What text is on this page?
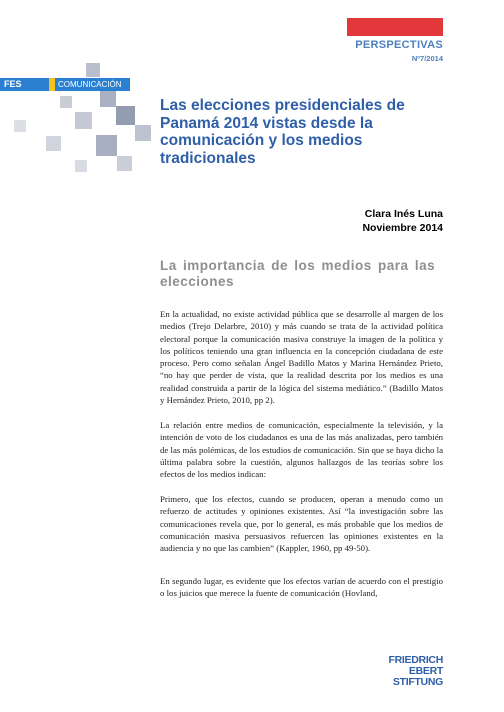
PERSPECTIVAS
Nº7/2014
FES	COMUNICACIÓN
Las elecciones presidenciales de Panamá 2014 vistas desde la comunicación y los medios tradicionales
Clara Inés Luna
Noviembre 2014
La importancia de los medios para las elecciones

En la actualidad, no existe actividad pública que se desarrolle al margen de los medios (Trejo Delarbre, 2010) y más cuando se trata de la actividad política electoral porque la comunicación masiva construye la imagen de la política y los políticos teniendo una gran influencia en la concepción ciudadana de este proceso. Pero como señalan Ángel Badillo Matos y Marina Hernández Prieto, “no hay que perder de vista, que la realidad descrita por los medios es una realidad construida a partir de la lógica del sistema mediático.” (Badillo Matos y Hernández Prieto, 2010, pp 2).

La relación entre medios de comunicación, especialmente la televisión, y la intención de voto de los ciudadanos es una de las más analizadas, pero también de las más polémicas, de los estudios de comunicación. Sin que se haya dicho la última palabra sobre la cuestión, algunos hallazgos de las teorías sobre los efectos de los medios indican:

Primero, que los efectos, cuando se producen, operan a menudo como un refuerzo de actitudes y opiniones existentes. Así “la investigación sobre las comunicaciones revela que, por lo general, es más probable que los medios de comunicación masiva persuasivos refuercen las opiniones existentes en la audiencia y no que las cambien” (Kappler, 1960, pp 49-50).

En segundo lugar, es evidente que los efectos varían de acuerdo con el prestigio o los juicios que merece la fuente de comunicación (Hovland,

FRIEDRICH
EBERT
STIFTUNG
